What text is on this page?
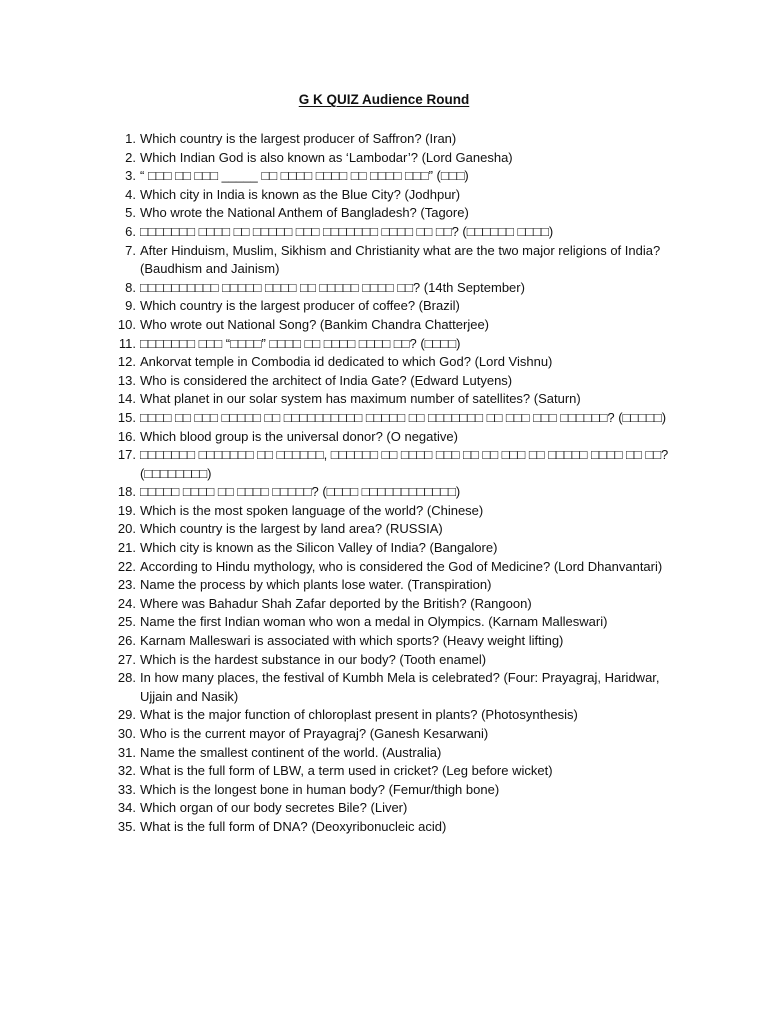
G K QUIZ Audience Round
1. Which country is the largest producer of Saffron? (Iran)
2. Which Indian God is also known as ‘Lambodar’? (Lord Ganesha)
3. “ □□□ □□ □□□ _____ □□ □□□□ □□□□ □□ □□□□ □□□” (□□□)
4. Which city in India is known as the Blue City? (Jodhpur)
5. Who wrote the National Anthem of Bangladesh? (Tagore)
6. □□□□□□□ □□□□ □□ □□□□□ □□□ □□□□□□□ □□□□ □□ □□? (□□□□□□ □□□□)
7. After Hinduism, Muslim, Sikhism and Christianity what are the two major religions of India? (Baudhism and Jainism)
8. □□□□□□□□□□ □□□□□ □□□□ □□ □□□□□ □□□□ □□? (14th September)
9. Which country is the largest producer of coffee? (Brazil)
10. Who wrote out National Song? (Bankim Chandra Chatterjee)
11. □□□□□□□ □□□ “□□□□” □□□□ □□ □□□□ □□□□ □□? (□□□□)
12. Ankorvat temple in Combodia id dedicated to which God? (Lord Vishnu)
13. Who is considered the architect of India Gate? (Edward Lutyens)
14. What planet in our solar system has maximum number of satellites? (Saturn)
15. □□□□ □□ □□□ □□□□□ □□ □□□□□□□□□□ □□□□□ □□ □□□□□□□ □□ □□□ □□□ □□□□□□? (□□□□□)
16. Which blood group is the universal donor? (O negative)
17. □□□□□□□ □□□□□□□ □□ □□□□□□, □□□□□□ □□ □□□□ □□□ □□ □□ □□□ □□ □□□□□ □□□□ □□ □□? (□□□□□□□□)
18. □□□□□ □□□□ □□ □□□□ □□□□□? (□□□□ □□□□□□□□□□□□)
19. Which is the most spoken language of the world? (Chinese)
20. Which country is the largest by land area? (RUSSIA)
21. Which city is known as the Silicon Valley of India? (Bangalore)
22. According to Hindu mythology, who is considered the God of Medicine? (Lord Dhanvantari)
23. Name the process by which plants lose water. (Transpiration)
24. Where was Bahadur Shah Zafar deported by the British? (Rangoon)
25. Name the first Indian woman who won a medal in Olympics. (Karnam Malleswari)
26. Karnam Malleswari is associated with which sports? (Heavy weight lifting)
27. Which is the hardest substance in our body? (Tooth enamel)
28. In how many places, the festival of Kumbh Mela is celebrated? (Four: Prayagraj, Haridwar, Ujjain and Nasik)
29. What is the major function of chloroplast present in plants? (Photosynthesis)
30. Who is the current mayor of Prayagraj? (Ganesh Kesarwani)
31. Name the smallest continent of the world. (Australia)
32. What is the full form of LBW, a term used in cricket? (Leg before wicket)
33. Which is the longest bone in human body? (Femur/thigh bone)
34. Which organ of our body secretes Bile? (Liver)
35. What is the full form of DNA? (Deoxyribonucleic acid)
